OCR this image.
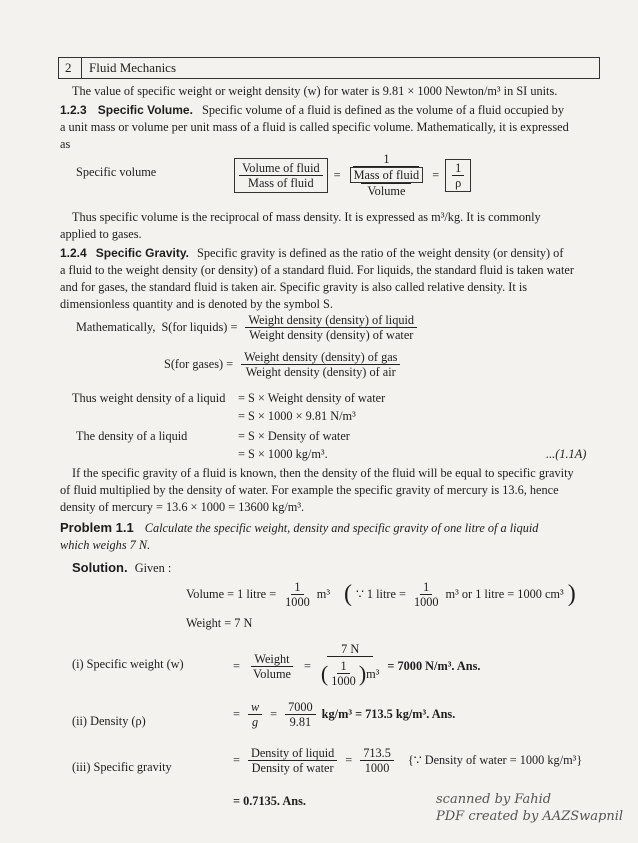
2 Fluid Mechanics
The value of specific weight or weight density (w) for water is 9.81 × 1000 Newton/m³ in SI units.
1.2.3 Specific Volume. Specific volume of a fluid is defined as the volume of a fluid occupied by
a unit mass or volume per unit mass of a fluid is called specific volume. Mathematically, it is expressed
as
Specific volume	$\frac{\text{Volume of fluid}}{\text{Mass of fluid}} = 1$
Mass of fluid
Volume = $\frac{1}{\rho}$
Thus specific volume is the reciprocal of mass density. It is expressed as m³/kg. It is commonly
applied to gases.
1.2.4 Specific Gravity. Specific gravity is defined as the ratio of the weight density (or density) of
a fluid to the weight density (or density) of a standard fluid. For liquids, the standard fluid is taken water
and for gases, the standard fluid is taken air. Specific gravity is also called relative density. It is
dimensionless quantity and is denoted by the symbol S.
Mathematically, S(for liquids) = $\frac{\text{Weight density (density) of liquid}}{\text{Weight density (density) of water}}$
S(for gases) = $\frac{\text{Weight density (density) of gas}}{\text{Weight density (density) of air}}$
Thus weight density of a liquid = S × Weight density of water
= S × 1000 × 9.81 N/m³
The density of a liquid	= S × Density of water
= S × 1000 kg/m³.	...(1.1A)
If the specific gravity of a fluid is known, then the density of the fluid will be equal to specific gravity
of fluid multiplied by the density of water. For example the specific gravity of mercury is 13.6, hence
density of mercury = 13.6 × 1000 = 13600 kg/m³.
Problem 1.1 Calculate the specific weight, density and specific gravity of one litre of a liquid
which weighs 7 N.
Solution. Given :
Volume = 1 litre = $\frac{1}{1000} m^3$ ( ∵ 1 litre = $\frac{1}{1000} m^3$ or 1 litre = 1000 cm³ )
Weight = 7 N
(i) Specific weight (w)	= $\frac{\text{Weight}}{\text{Volume}}$ =
7 N
( $\frac{1}{1000}$ ) m³
= 7000 N/m³. Ans.
(ii) Density (ρ)	= $\frac{w}{g} = \frac{7000}{9.81} kg/m^3 = 713.5$ kg/m³. Ans.
(iii) Specific gravity	= $\frac{\text{Density of liquid}}{\text{Density of water}} = \frac{713.5}{1000}$ {∵ Density of water = 1000 kg/m³}
= 0.7135. Ans.	scanned by Fahid
PDF created by AAZSwapnil
